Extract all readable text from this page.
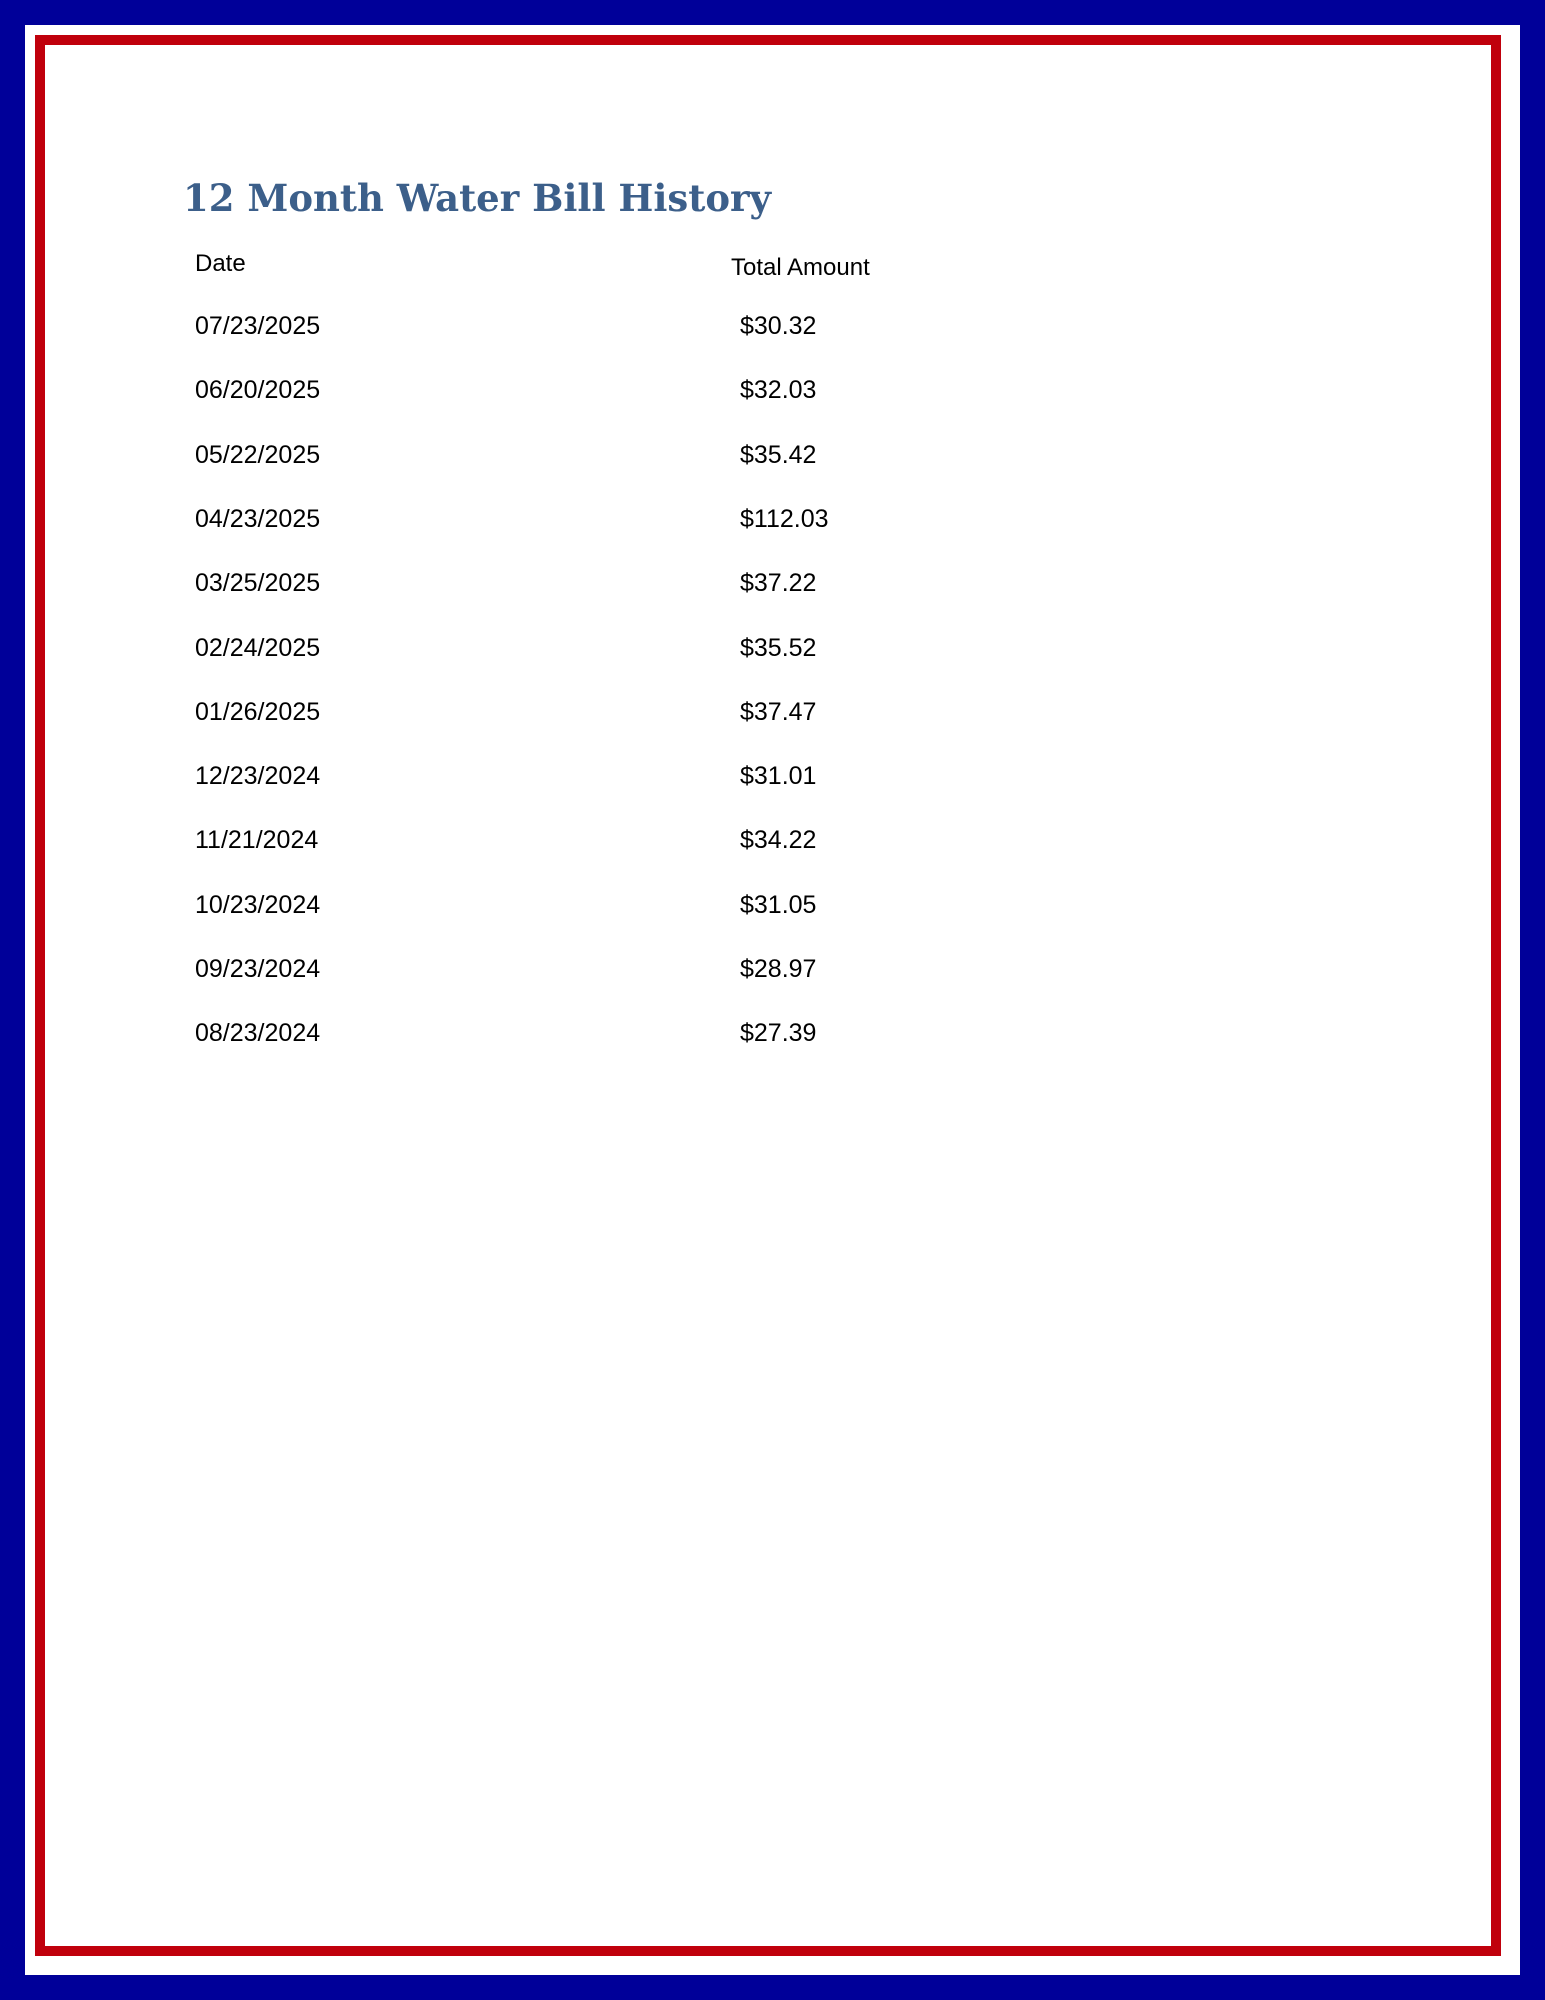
12 Month Water Bill History
Date	Total Amount
07/23/2025	$30.32
06/20/2025	$32.03
05/22/2025	$35.42
04/23/2025	$112.03
03/25/2025	$37.22
02/24/2025	$35.52
01/26/2025	$37.47
12/23/2024	$31.01
11/21/2024	$34.22
10/23/2024	$31.05
09/23/2024	$28.97
08/23/2024	$27.39
